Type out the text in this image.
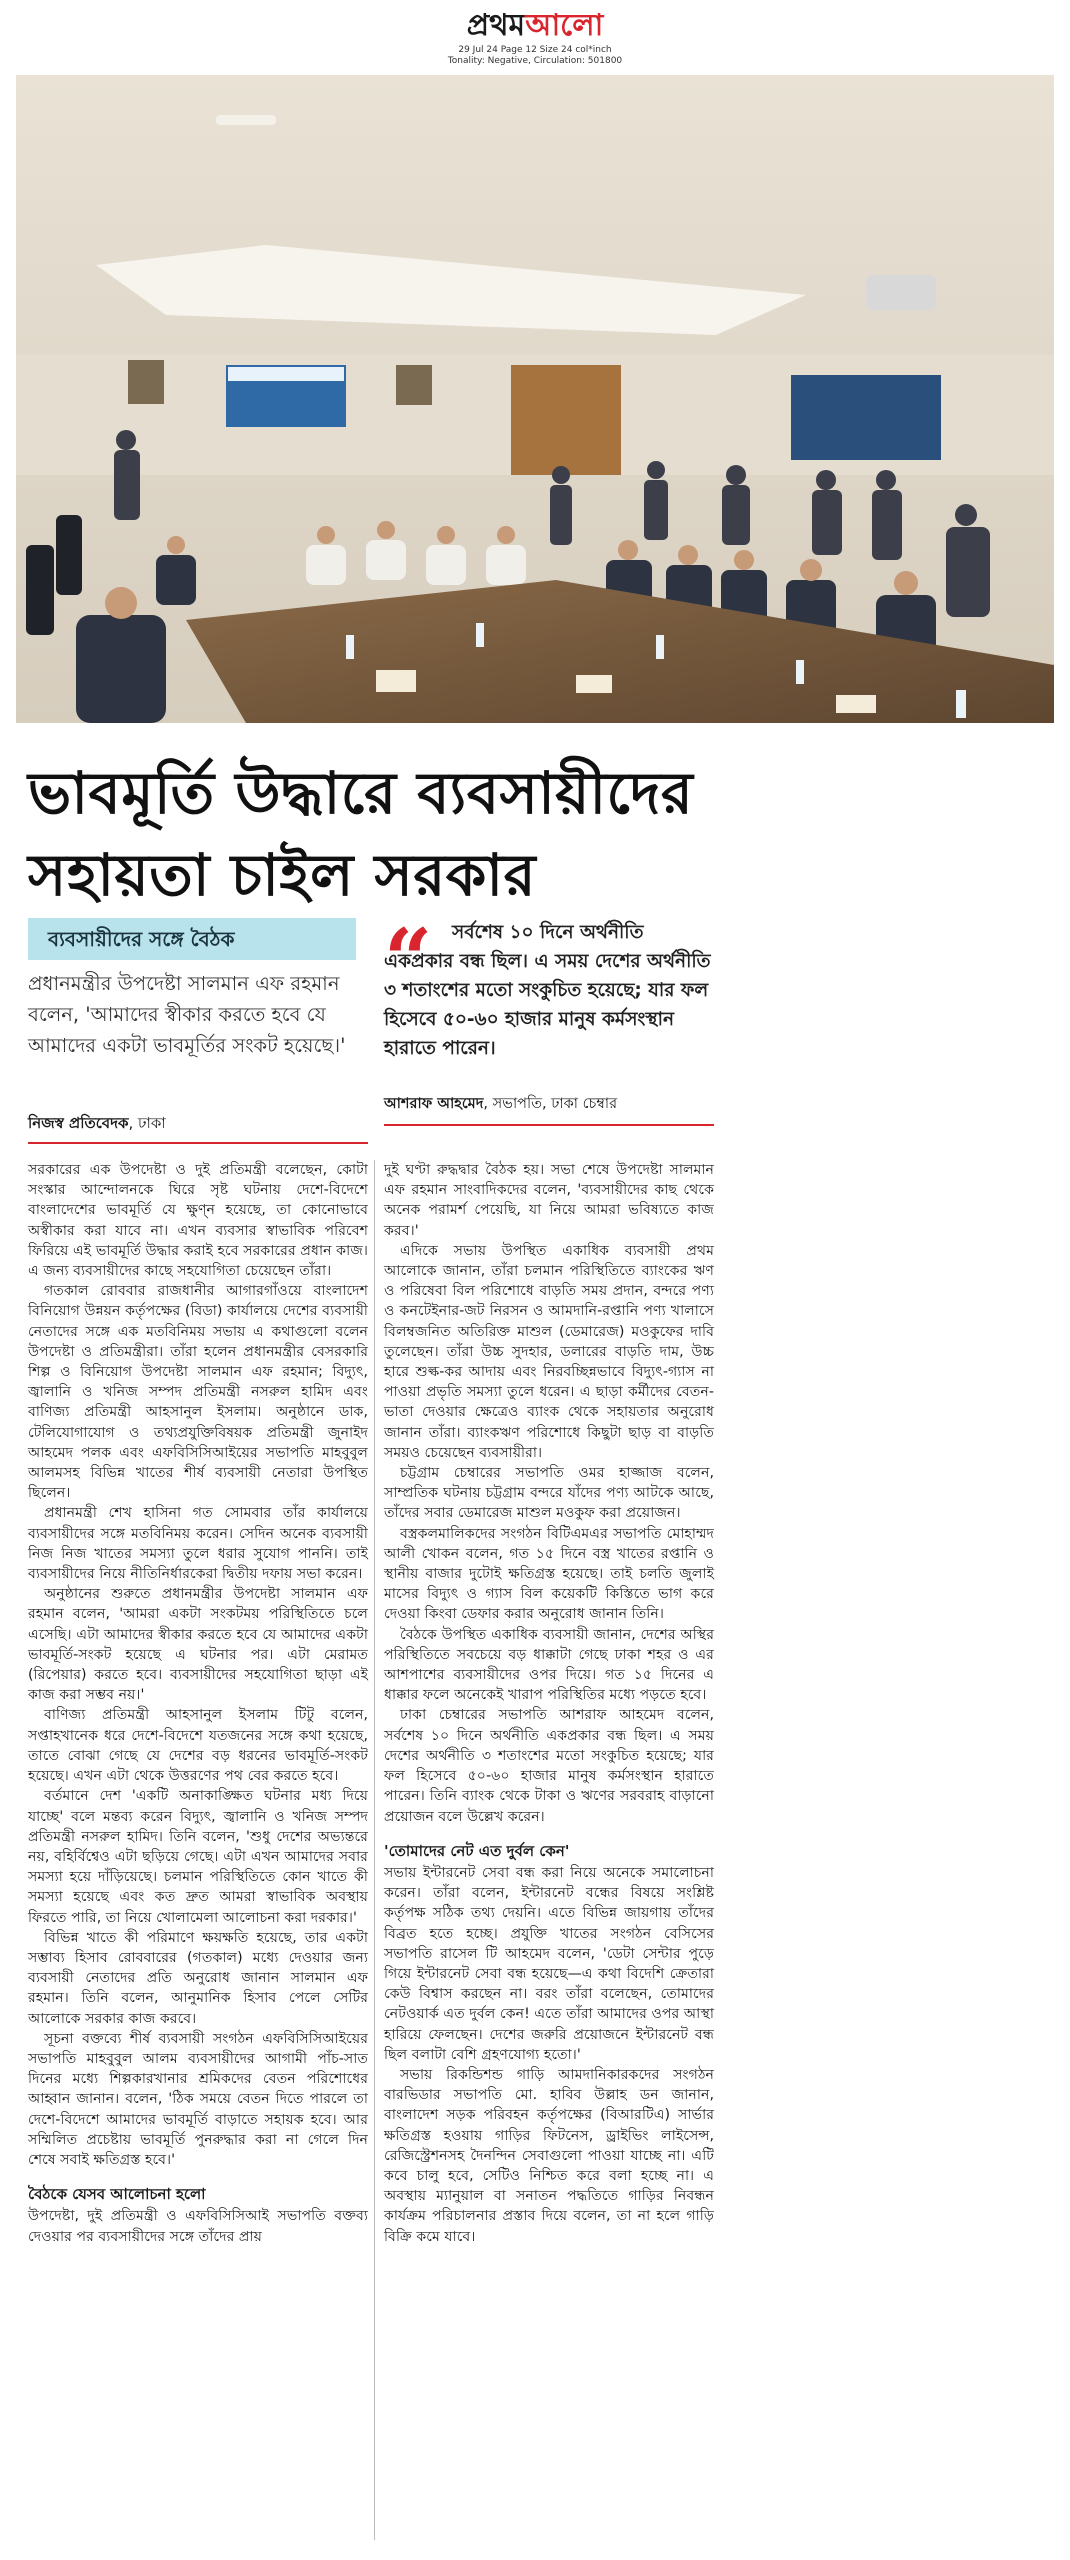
প্রথমআলো
29 Jul 24 Page 12 Size 24 col*inch
Tonality: Negative, Circulation: 501800
ভাবমূর্তি উদ্ধারে ব্যবসায়ীদের
সহায়তা চাইল সরকার
ব্যবসায়ীদের সঙ্গে বৈঠক
প্রধানমন্ত্রীর উপদেষ্টা সালমান এফ রহমান বলেন, 'আমাদের স্বীকার করতে হবে যে আমাদের একটা ভাবমূর্তির সংকট হয়েছে।'
নিজস্ব প্রতিবেদক, ঢাকা
“	সর্বশেষ ১০ দিনে অর্থনীতি একপ্রকার বন্ধ ছিল। এ সময় দেশের অর্থনীতি ৩ শতাংশের মতো সংকুচিত হয়েছে; যার ফল হিসেবে ৫০-৬০ হাজার মানুষ কর্মসংস্থান হারাতে পারেন।
আশরাফ আহমেদ, সভাপতি, ঢাকা চেম্বার

সরকারের এক উপদেষ্টা ও দুই প্রতিমন্ত্রী বলেছেন, কোটা সংস্কার আন্দোলনকে ঘিরে সৃষ্ট ঘটনায় দেশে-বিদেশে বাংলাদেশের ভাবমূর্তি যে ক্ষুণ্ন হয়েছে, তা কোনোভাবে অস্বীকার করা যাবে না। এখন ব্যবসার স্বাভাবিক পরিবেশ ফিরিয়ে এই ভাবমূর্তি উদ্ধার করাই হবে সরকারের প্রধান কাজ। এ জন্য ব্যবসায়ীদের কাছে সহযোগিতা চেয়েছেন তাঁরা।

গতকাল রোববার রাজধানীর আগারগাঁওয়ে বাংলাদেশ বিনিয়োগ উন্নয়ন কর্তৃপক্ষের (বিডা) কার্যালয়ে দেশের ব্যবসায়ী নেতাদের সঙ্গে এক মতবিনিময় সভায় এ কথাগুলো বলেন উপদেষ্টা ও প্রতিমন্ত্রীরা। তাঁরা হলেন প্রধানমন্ত্রীর বেসরকারি শিল্প ও বিনিয়োগ উপদেষ্টা সালমান এফ রহমান; বিদ্যুৎ, জ্বালানি ও খনিজ সম্পদ প্রতিমন্ত্রী নসরুল হামিদ এবং বাণিজ্য প্রতিমন্ত্রী আহসানুল ইসলাম। অনুষ্ঠানে ডাক, টেলিযোগাযোগ ও তথ্যপ্রযুক্তিবিষয়ক প্রতিমন্ত্রী জুনাইদ আহমেদ পলক এবং এফবিসিসিআইয়ের সভাপতি মাহবুবুল আলমসহ বিভিন্ন খাতের শীর্ষ ব্যবসায়ী নেতারা উপস্থিত ছিলেন।

প্রধানমন্ত্রী শেখ হাসিনা গত সোমবার তাঁর কার্যালয়ে ব্যবসায়ীদের সঙ্গে মতবিনিময় করেন। সেদিন অনেক ব্যবসায়ী নিজ নিজ খাতের সমস্যা তুলে ধরার সুযোগ পাননি। তাই ব্যবসায়ীদের নিয়ে নীতিনির্ধারকেরা দ্বিতীয় দফায় সভা করেন।

অনুষ্ঠানের শুরুতে প্রধানমন্ত্রীর উপদেষ্টা সালমান এফ রহমান বলেন, 'আমরা একটা সংকটময় পরিস্থিতিতে চলে এসেছি। এটা আমাদের স্বীকার করতে হবে যে আমাদের একটা ভাবমূর্তি-সংকট হয়েছে এ ঘটনার পর। এটা মেরামত (রিপেয়ার) করতে হবে। ব্যবসায়ীদের সহযোগিতা ছাড়া এই কাজ করা সম্ভব নয়।'

বাণিজ্য প্রতিমন্ত্রী আহসানুল ইসলাম টিটু বলেন, সপ্তাহখানেক ধরে দেশে-বিদেশে যতজনের সঙ্গে কথা হয়েছে, তাতে বোঝা গেছে যে দেশের বড় ধরনের ভাবমূর্তি-সংকট হয়েছে। এখন এটা থেকে উত্তরণের পথ বের করতে হবে।

বর্তমানে দেশ 'একটি অনাকাঙ্ক্ষিত ঘটনার মধ্য দিয়ে যাচ্ছে' বলে মন্তব্য করেন বিদ্যুৎ, জ্বালানি ও খনিজ সম্পদ প্রতিমন্ত্রী নসরুল হামিদ। তিনি বলেন, 'শুধু দেশের অভ্যন্তরে নয়, বহির্বিশ্বেও এটা ছড়িয়ে গেছে। এটা এখন আমাদের সবার সমস্যা হয়ে দাঁড়িয়েছে। চলমান পরিস্থিতিতে কোন খাতে কী সমস্যা হয়েছে এবং কত দ্রুত আমরা স্বাভাবিক অবস্থায় ফিরতে পারি, তা নিয়ে খোলামেলা আলোচনা করা দরকার।'

বিভিন্ন খাতে কী পরিমাণে ক্ষয়ক্ষতি হয়েছে, তার একটা সম্ভাব্য হিসাব রোববারের (গতকাল) মধ্যে দেওয়ার জন্য ব্যবসায়ী নেতাদের প্রতি অনুরোধ জানান সালমান এফ রহমান। তিনি বলেন, আনুমানিক হিসাব পেলে সেটির আলোকে সরকার কাজ করবে।

সূচনা বক্তব্যে শীর্ষ ব্যবসায়ী সংগঠন এফবিসিসিআইয়ের সভাপতি মাহবুবুল আলম ব্যবসায়ীদের আগামী পাঁচ-সাত দিনের মধ্যে শিল্পকারখানার শ্রমিকদের বেতন পরিশোধের আহ্বান জানান। বলেন, 'ঠিক সময়ে বেতন দিতে পারলে তা দেশে-বিদেশে আমাদের ভাবমূর্তি বাড়াতে সহায়ক হবে। আর সম্মিলিত প্রচেষ্টায় ভাবমূর্তি পুনরুদ্ধার করা না গেলে দিন শেষে সবাই ক্ষতিগ্রস্ত হবে।'

বৈঠকে যেসব আলোচনা হলো

উপদেষ্টা, দুই প্রতিমন্ত্রী ও এফবিসিসিআই সভাপতি বক্তব্য দেওয়ার পর ব্যবসায়ীদের সঙ্গে তাঁদের প্রায়

দুই ঘণ্টা রুদ্ধদ্বার বৈঠক হয়। সভা শেষে উপদেষ্টা সালমান এফ রহমান সাংবাদিকদের বলেন, 'ব্যবসায়ীদের কাছ থেকে অনেক পরামর্শ পেয়েছি, যা নিয়ে আমরা ভবিষ্যতে কাজ করব।'

এদিকে সভায় উপস্থিত একাধিক ব্যবসায়ী প্রথম আলোকে জানান, তাঁরা চলমান পরিস্থিতিতে ব্যাংকের ঋণ ও পরিষেবা বিল পরিশোধে বাড়তি সময় প্রদান, বন্দরে পণ্য ও কনটেইনার-জট নিরসন ও আমদানি-রপ্তানি পণ্য খালাসে বিলম্বজনিত অতিরিক্ত মাশুল (ডেমারেজ) মওকুফের দাবি তুলেছেন। তাঁরা উচ্চ সুদহার, ডলারের বাড়তি দাম, উচ্চ হারে শুল্ক-কর আদায় এবং নিরবচ্ছিন্নভাবে বিদ্যুৎ-গ্যাস না পাওয়া প্রভৃতি সমস্যা তুলে ধরেন। এ ছাড়া কর্মীদের বেতন-ভাতা দেওয়ার ক্ষেত্রেও ব্যাংক থেকে সহায়তার অনুরোধ জানান তাঁরা। ব্যাংকঋণ পরিশোধে কিছুটা ছাড় বা বাড়তি সময়ও চেয়েছেন ব্যবসায়ীরা।

চট্টগ্রাম চেম্বারের সভাপতি ওমর হাজ্জাজ বলেন, সাম্প্রতিক ঘটনায় চট্টগ্রাম বন্দরে যাঁদের পণ্য আটকে আছে, তাঁদের সবার ডেমারেজ মাশুল মওকুফ করা প্রয়োজন।

বস্ত্রকলমালিকদের সংগঠন বিটিএমএর সভাপতি মোহাম্মদ আলী খোকন বলেন, গত ১৫ দিনে বস্ত্র খাতের রপ্তানি ও স্থানীয় বাজার দুটোই ক্ষতিগ্রস্ত হয়েছে। তাই চলতি জুলাই মাসের বিদ্যুৎ ও গ্যাস বিল কয়েকটি কিস্তিতে ভাগ করে দেওয়া কিংবা ডেফার করার অনুরোধ জানান তিনি।

বৈঠকে উপস্থিত একাধিক ব্যবসায়ী জানান, দেশের অস্থির পরিস্থিতিতে সবচেয়ে বড় ধাক্কাটা গেছে ঢাকা শহর ও এর আশপাশের ব্যবসায়ীদের ওপর দিয়ে। গত ১৫ দিনের এ ধাক্কার ফলে অনেকেই খারাপ পরিস্থিতির মধ্যে পড়তে হবে।

ঢাকা চেম্বারের সভাপতি আশরাফ আহমেদ বলেন, সর্বশেষ ১০ দিনে অর্থনীতি একপ্রকার বন্ধ ছিল। এ সময় দেশের অর্থনীতি ৩ শতাংশের মতো সংকুচিত হয়েছে; যার ফল হিসেবে ৫০-৬০ হাজার মানুষ কর্মসংস্থান হারাতে পারেন। তিনি ব্যাংক থেকে টাকা ও ঋণের সরবরাহ বাড়ানো প্রয়োজন বলে উল্লেখ করেন।

'তোমাদের নেট এত দুর্বল কেন'

সভায় ইন্টারনেট সেবা বন্ধ করা নিয়ে অনেকে সমালোচনা করেন। তাঁরা বলেন, ইন্টারনেট বন্ধের বিষয়ে সংশ্লিষ্ট কর্তৃপক্ষ সঠিক তথ্য দেয়নি। এতে বিভিন্ন জায়গায় তাঁদের বিব্রত হতে হচ্ছে। প্রযুক্তি খাতের সংগঠন বেসিসের সভাপতি রাসেল টি আহমেদ বলেন, 'ডেটা সেন্টার পুড়ে গিয়ে ইন্টারনেট সেবা বন্ধ হয়েছে—এ কথা বিদেশি ক্রেতারা কেউ বিশ্বাস করছেন না। বরং তাঁরা বলেছেন, তোমাদের নেটওয়ার্ক এত দুর্বল কেন! এতে তাঁরা আমাদের ওপর আস্থা হারিয়ে ফেলছেন। দেশের জরুরি প্রয়োজনে ইন্টারনেট বন্ধ ছিল বলাটা বেশি গ্রহণযোগ্য হতো।'

সভায় রিকন্ডিশন্ড গাড়ি আমদানিকারকদের সংগঠন বারভিডার সভাপতি মো. হাবিব উল্লাহ ডন জানান, বাংলাদেশ সড়ক পরিবহন কর্তৃপক্ষের (বিআরটিএ) সার্ভার ক্ষতিগ্রস্ত হওয়ায় গাড়ির ফিটনেস, ড্রাইভিং লাইসেন্স, রেজিস্ট্রেশনসহ দৈনন্দিন সেবাগুলো পাওয়া যাচ্ছে না। এটি কবে চালু হবে, সেটিও নিশ্চিত করে বলা হচ্ছে না। এ অবস্থায় ম্যানুয়াল বা সনাতন পদ্ধতিতে গাড়ির নিবন্ধন কার্যক্রম পরিচালনার প্রস্তাব দিয়ে বলেন, তা না হলে গাড়ি বিক্রি কমে যাবে।
